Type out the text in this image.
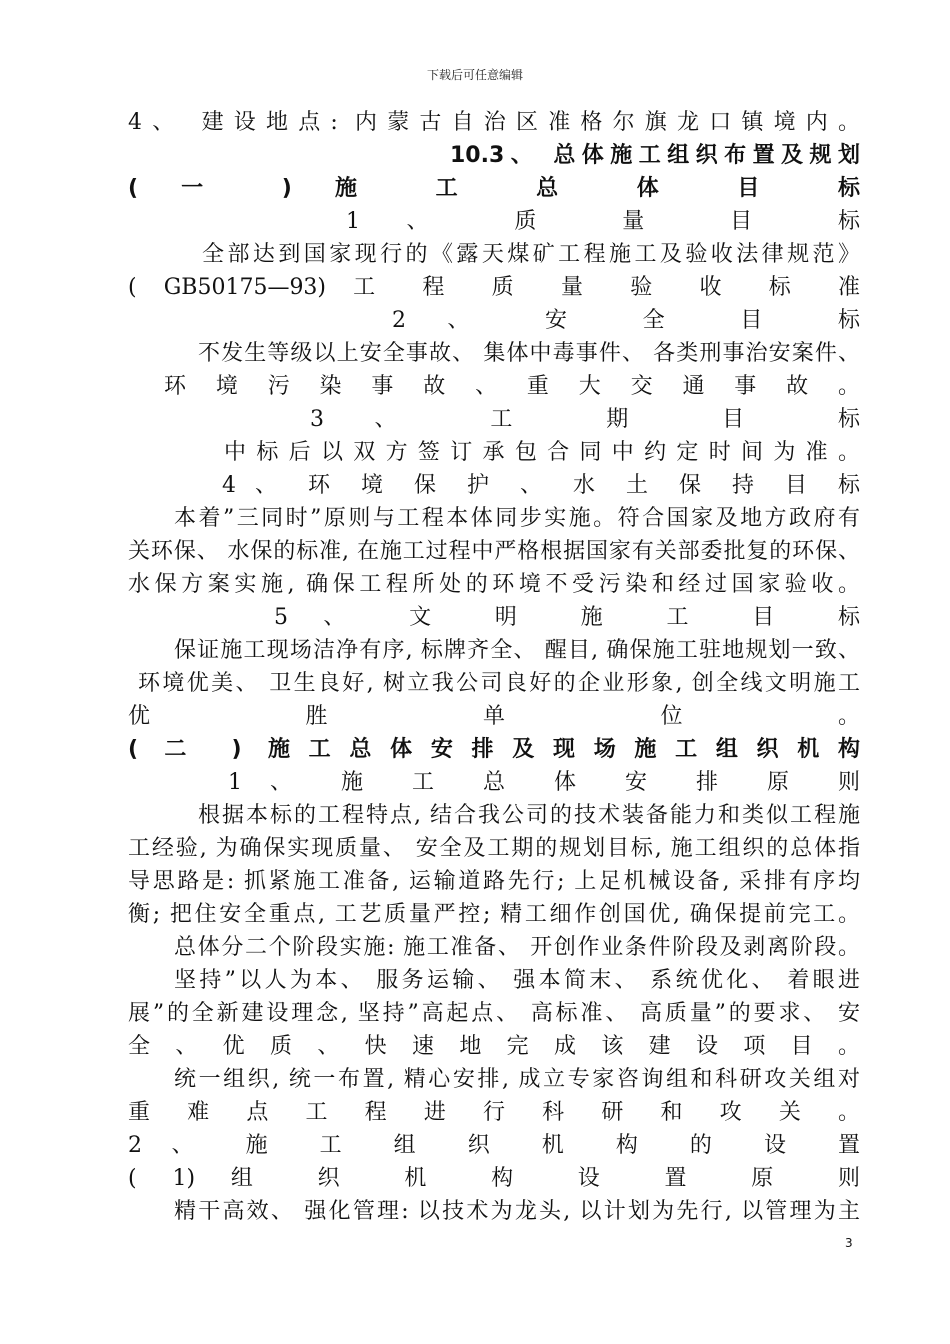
下载后可任意编辑
4、 建设地点: 内蒙古自治区准格尔旗龙口镇境内。
10.3、 总体施工组织布置及规划
( 一 ) 施 工 总 体 目 标
1 、 质 量 目 标
全部达到国家现行的《露天煤矿工程施工及验收法律规范》
( GB50175—93) 工 程 质 量 验 收 标 准
2 、 安 全 目 标
不发生等级以上安全事故、 集体中毒事件、 各类刑事治安案件、
环 境 污 染 事 故 、 重 大 交 通 事 故 。
3 、 工 期 目 标
中标后以双方签订承包合同中约定时间为准。
4 、 环 境 保 护 、 水 土 保 持 目 标
本着”三同时”原则与工程本体同步实施。符合国家及地方政府有
关环保、 水保的标准, 在施工过程中严格根据国家有关部委批复的环保、
水保方案实施, 确保工程所处的环境不受污染和经过国家验收。
5 、 文 明 施 工 目 标
保证施工现场洁净有序, 标牌齐全、 醒目, 确保施工驻地规划一致、
环境优美、 卫生良好, 树立我公司良好的企业形象, 创全线文明施工
优 胜 单 位 。
( 二 ) 施工总体安排及现场施工组织机构
1 、 施 工 总 体 安 排 原 则
根据本标的工程特点, 结合我公司的技术装备能力和类似工程施
工经验, 为确保实现质量、 安全及工期的规划目标, 施工组织的总体指
导思路是: 抓紧施工准备, 运输道路先行; 上足机械设备, 采排有序均
衡; 把住安全重点, 工艺质量严控; 精工细作创国优, 确保提前完工。
总体分二个阶段实施: 施工准备、 开创作业条件阶段及剥离阶段。
坚持”以人为本、 服务运输、 强本简末、 系统优化、 着眼进
展”的全新建设理念, 坚持”高起点、 高标准、 高质量”的要求、 安
全 、 优 质 、 快 速 地 完 成 该 建 设 项 目 。
统一组织, 统一布置, 精心安排, 成立专家咨询组和科研攻关组对
重 难 点 工 程 进 行 科 研 和 攻 关 。
2 、 施 工 组 织 机 构 的 设 置
( 1) 组 织 机 构 设 置 原 则
精干高效、 强化管理: 以技术为龙头, 以计划为先行, 以管理为主
3
